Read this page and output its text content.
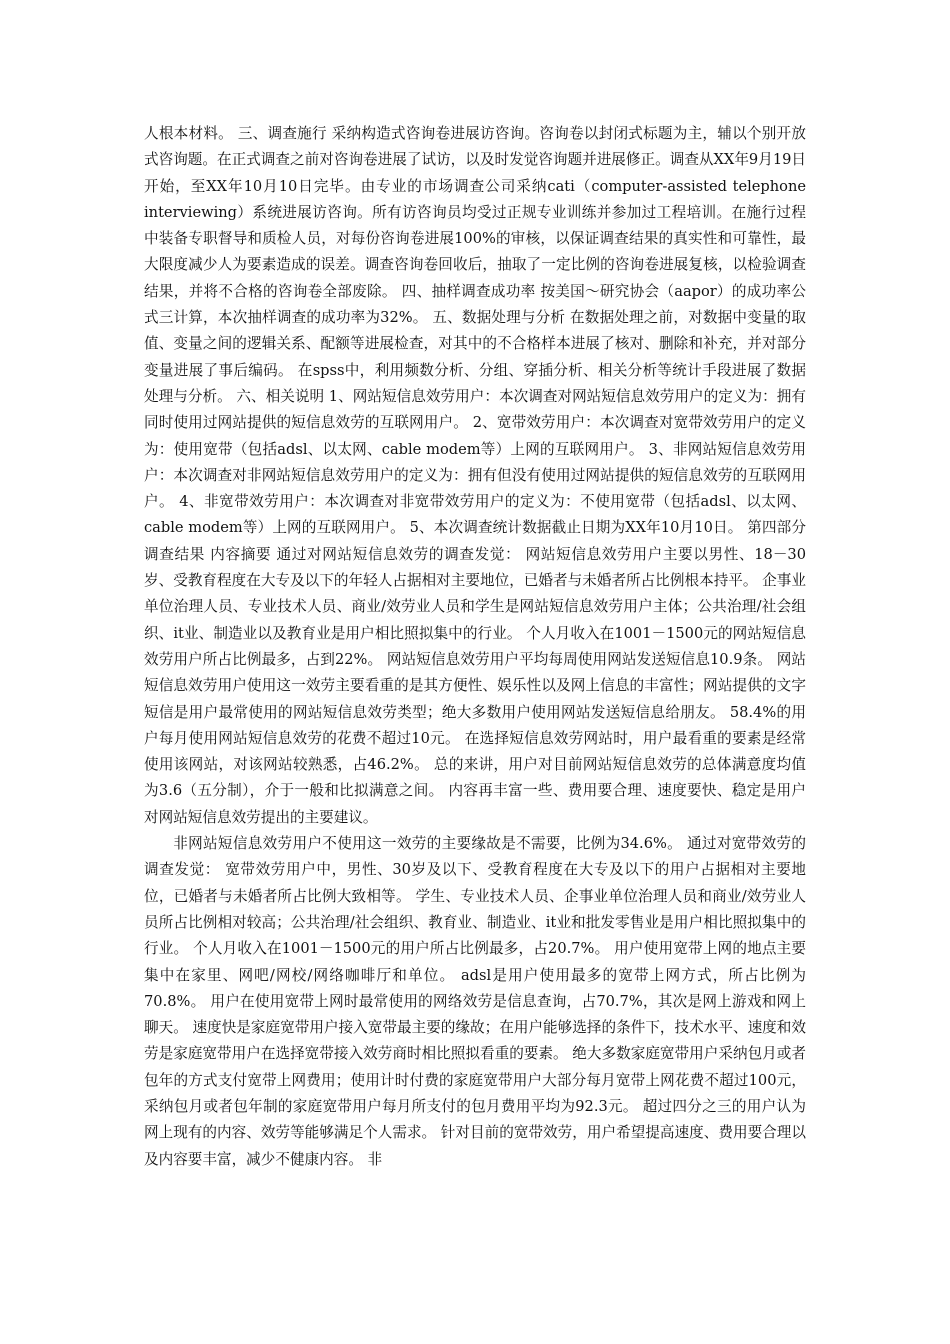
人根本材料。 三、调查施行 采纳构造式咨询卷进展访咨询。咨询卷以封闭式标题为主，辅以个别开放式咨询题。在正式调查之前对咨询卷进展了试访，以及时发觉咨询题并进展修正。调查从XX年9月19日开始，至XX年10月10日完毕。由专业的市场调查公司采纳cati（computer-assisted telephone interviewing）系统进展访咨询。所有访咨询员均受过正规专业训练并参加过工程培训。在施行过程中装备专职督导和质检人员，对每份咨询卷进展100%的审核，以保证调查结果的真实性和可靠性，最大限度减少人为要素造成的误差。调查咨询卷回收后，抽取了一定比例的咨询卷进展复核，以检验调查结果，并将不合格的咨询卷全部废除。 四、抽样调查成功率 按美国～研究协会（aapor）的成功率公式三计算，本次抽样调查的成功率为32%。 五、数据处理与分析 在数据处理之前，对数据中变量的取值、变量之间的逻辑关系、配额等进展检查，对其中的不合格样本进展了核对、删除和补充，并对部分变量进展了事后编码。 在spss中，利用频数分析、分组、穿插分析、相关分析等统计手段进展了数据处理与分析。 六、相关说明 1、网站短信息效劳用户：本次调查对网站短信息效劳用户的定义为：拥有同时使用过网站提供的短信息效劳的互联网用户。 2、宽带效劳用户：本次调查对宽带效劳用户的定义为：使用宽带（包括adsl、以太网、cable modem等）上网的互联网用户。 3、非网站短信息效劳用户：本次调查对非网站短信息效劳用户的定义为：拥有但没有使用过网站提供的短信息效劳的互联网用户。 4、非宽带效劳用户：本次调查对非宽带效劳用户的定义为：不使用宽带（包括adsl、以太网、cable modem等）上网的互联网用户。 5、本次调查统计数据截止日期为XX年10月10日。 第四部分 调查结果 内容摘要 通过对网站短信息效劳的调查发觉： 网站短信息效劳用户主要以男性、18－30岁、受教育程度在大专及以下的年轻人占据相对主要地位，已婚者与未婚者所占比例根本持平。 企事业单位治理人员、专业技术人员、商业/效劳业人员和学生是网站短信息效劳用户主体；公共治理/社会组织、it业、制造业以及教育业是用户相比照拟集中的行业。 个人月收入在1001－1500元的网站短信息效劳用户所占比例最多，占到22%。 网站短信息效劳用户平均每周使用网站发送短信息10.9条。 网站短信息效劳用户使用这一效劳主要看重的是其方便性、娱乐性以及网上信息的丰富性；网站提供的文字短信是用户最常使用的网站短信息效劳类型；绝大多数用户使用网站发送短信息给朋友。 58.4%的用户每月使用网站短信息效劳的花费不超过10元。 在选择短信息效劳网站时，用户最看重的要素是经常使用该网站，对该网站较熟悉，占46.2%。 总的来讲，用户对目前网站短信息效劳的总体满意度均值为3.6（五分制），介于一般和比拟满意之间。 内容再丰富一些、费用要合理、速度要快、稳定是用户对网站短信息效劳提出的主要建议。

非网站短信息效劳用户不使用这一效劳的主要缘故是不需要，比例为34.6%。 通过对宽带效劳的调查发觉： 宽带效劳用户中，男性、30岁及以下、受教育程度在大专及以下的用户占据相对主要地位，已婚者与未婚者所占比例大致相等。 学生、专业技术人员、企事业单位治理人员和商业/效劳业人员所占比例相对较高；公共治理/社会组织、教育业、制造业、it业和批发零售业是用户相比照拟集中的行业。 个人月收入在1001－1500元的用户所占比例最多，占20.7%。 用户使用宽带上网的地点主要集中在家里、网吧/网校/网络咖啡厅和单位。 adsl是用户使用最多的宽带上网方式，所占比例为70.8%。 用户在使用宽带上网时最常使用的网络效劳是信息查询，占70.7%，其次是网上游戏和网上聊天。 速度快是家庭宽带用户接入宽带最主要的缘故；在用户能够选择的条件下，技术水平、速度和效劳是家庭宽带用户在选择宽带接入效劳商时相比照拟看重的要素。 绝大多数家庭宽带用户采纳包月或者包年的方式支付宽带上网费用；使用计时付费的家庭宽带用户大部分每月宽带上网花费不超过100元，采纳包月或者包年制的家庭宽带用户每月所支付的包月费用平均为92.3元。 超过四分之三的用户认为网上现有的内容、效劳等能够满足个人需求。 针对目前的宽带效劳，用户希望提高速度、费用要合理以及内容要丰富，减少不健康内容。 非
